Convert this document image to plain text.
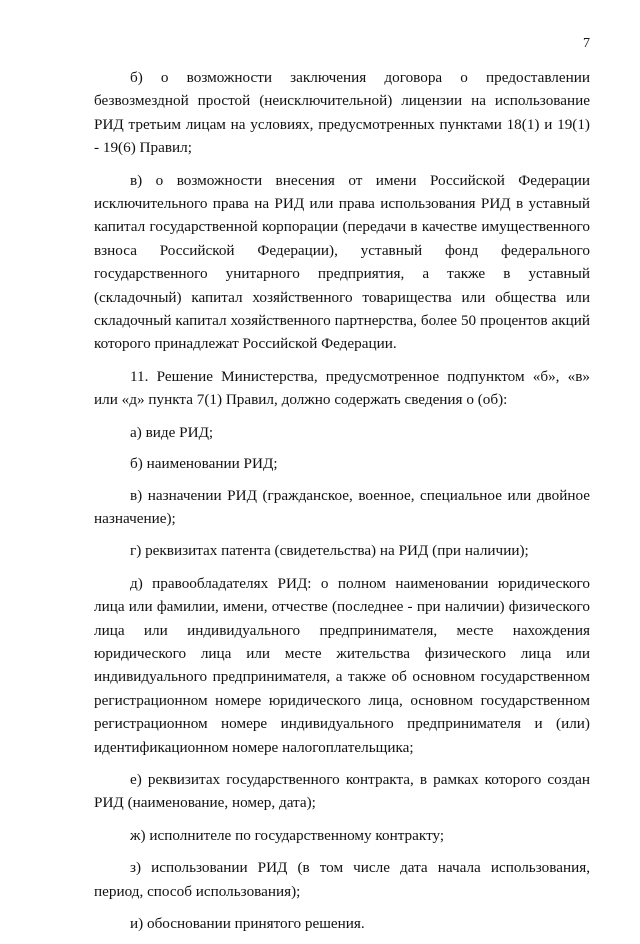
7

б) о возможности заключения договора о предоставлении безвозмездной простой (неисключительной) лицензии на использование РИД третьим лицам на условиях, предусмотренных пунктами 18(1) и 19(1) - 19(6) Правил;

в) о возможности внесения от имени Российской Федерации исключительного права на РИД или права использования РИД в уставный капитал государственной корпорации (передачи в качестве имущественного взноса Российской Федерации), уставный фонд федерального государственного унитарного предприятия, а также в уставный (складочный) капитал хозяйственного товарищества или общества или складочный капитал хозяйственного партнерства, более 50 процентов акций которого принадлежат Российской Федерации.

11. Решение Министерства, предусмотренное подпунктом «б», «в» или «д» пункта 7(1) Правил, должно содержать сведения о (об):

а) виде РИД;

б) наименовании РИД;

в) назначении РИД (гражданское, военное, специальное или двойное назначение);

г) реквизитах патента (свидетельства) на РИД (при наличии);

д) правообладателях РИД: о полном наименовании юридического лица или фамилии, имени, отчестве (последнее - при наличии) физического лица или индивидуального предпринимателя, месте нахождения юридического лица или месте жительства физического лица или индивидуального предпринимателя, а также об основном государственном регистрационном номере юридического лица, основном государственном регистрационном номере индивидуального предпринимателя и (или) идентификационном номере налогоплательщика;

е) реквизитах государственного контракта, в рамках которого создан РИД (наименование, номер, дата);

ж) исполнителе по государственному контракту;

з) использовании РИД (в том числе дата начала использования, период, способ использования);

и) обосновании принятого решения.
